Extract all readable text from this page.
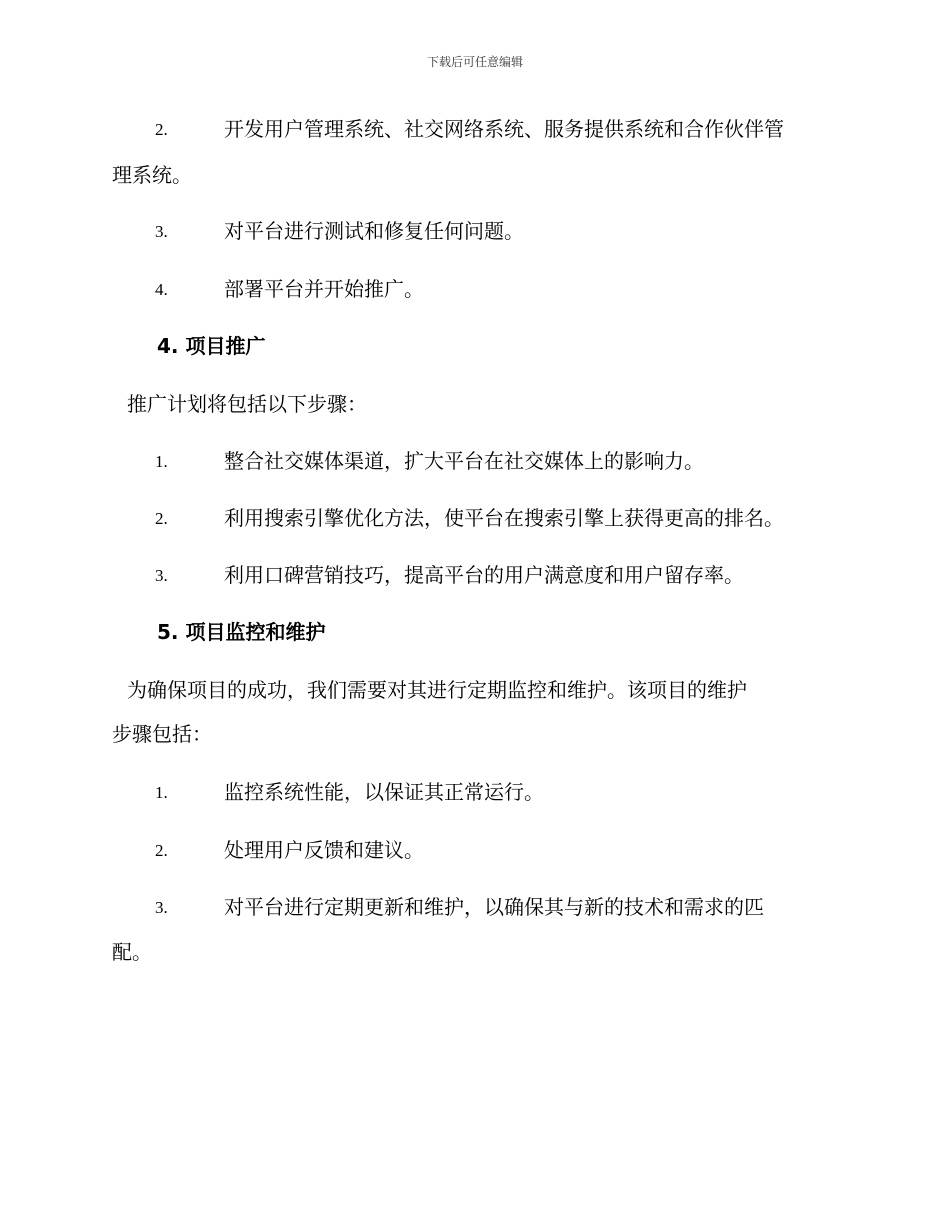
下载后可任意编辑
2.	开发用户管理系统、社交网络系统、服务提供系统和合作伙伴管
理系统。
3.	对平台进行测试和修复任何问题。
4.	部署平台并开始推广。
4. 项目推广
推广计划将包括以下步骤：
1.	整合社交媒体渠道，扩大平台在社交媒体上的影响力。
2.	利用搜索引擎优化方法，使平台在搜索引擎上获得更高的排名。
3.	利用口碑营销技巧，提高平台的用户满意度和用户留存率。
5. 项目监控和维护
为确保项目的成功，我们需要对其进行定期监控和维护。该项目的维护
步骤包括：
1.	监控系统性能，以保证其正常运行。
2.	处理用户反馈和建议。
3.	对平台进行定期更新和维护，以确保其与新的技术和需求的匹
配。
